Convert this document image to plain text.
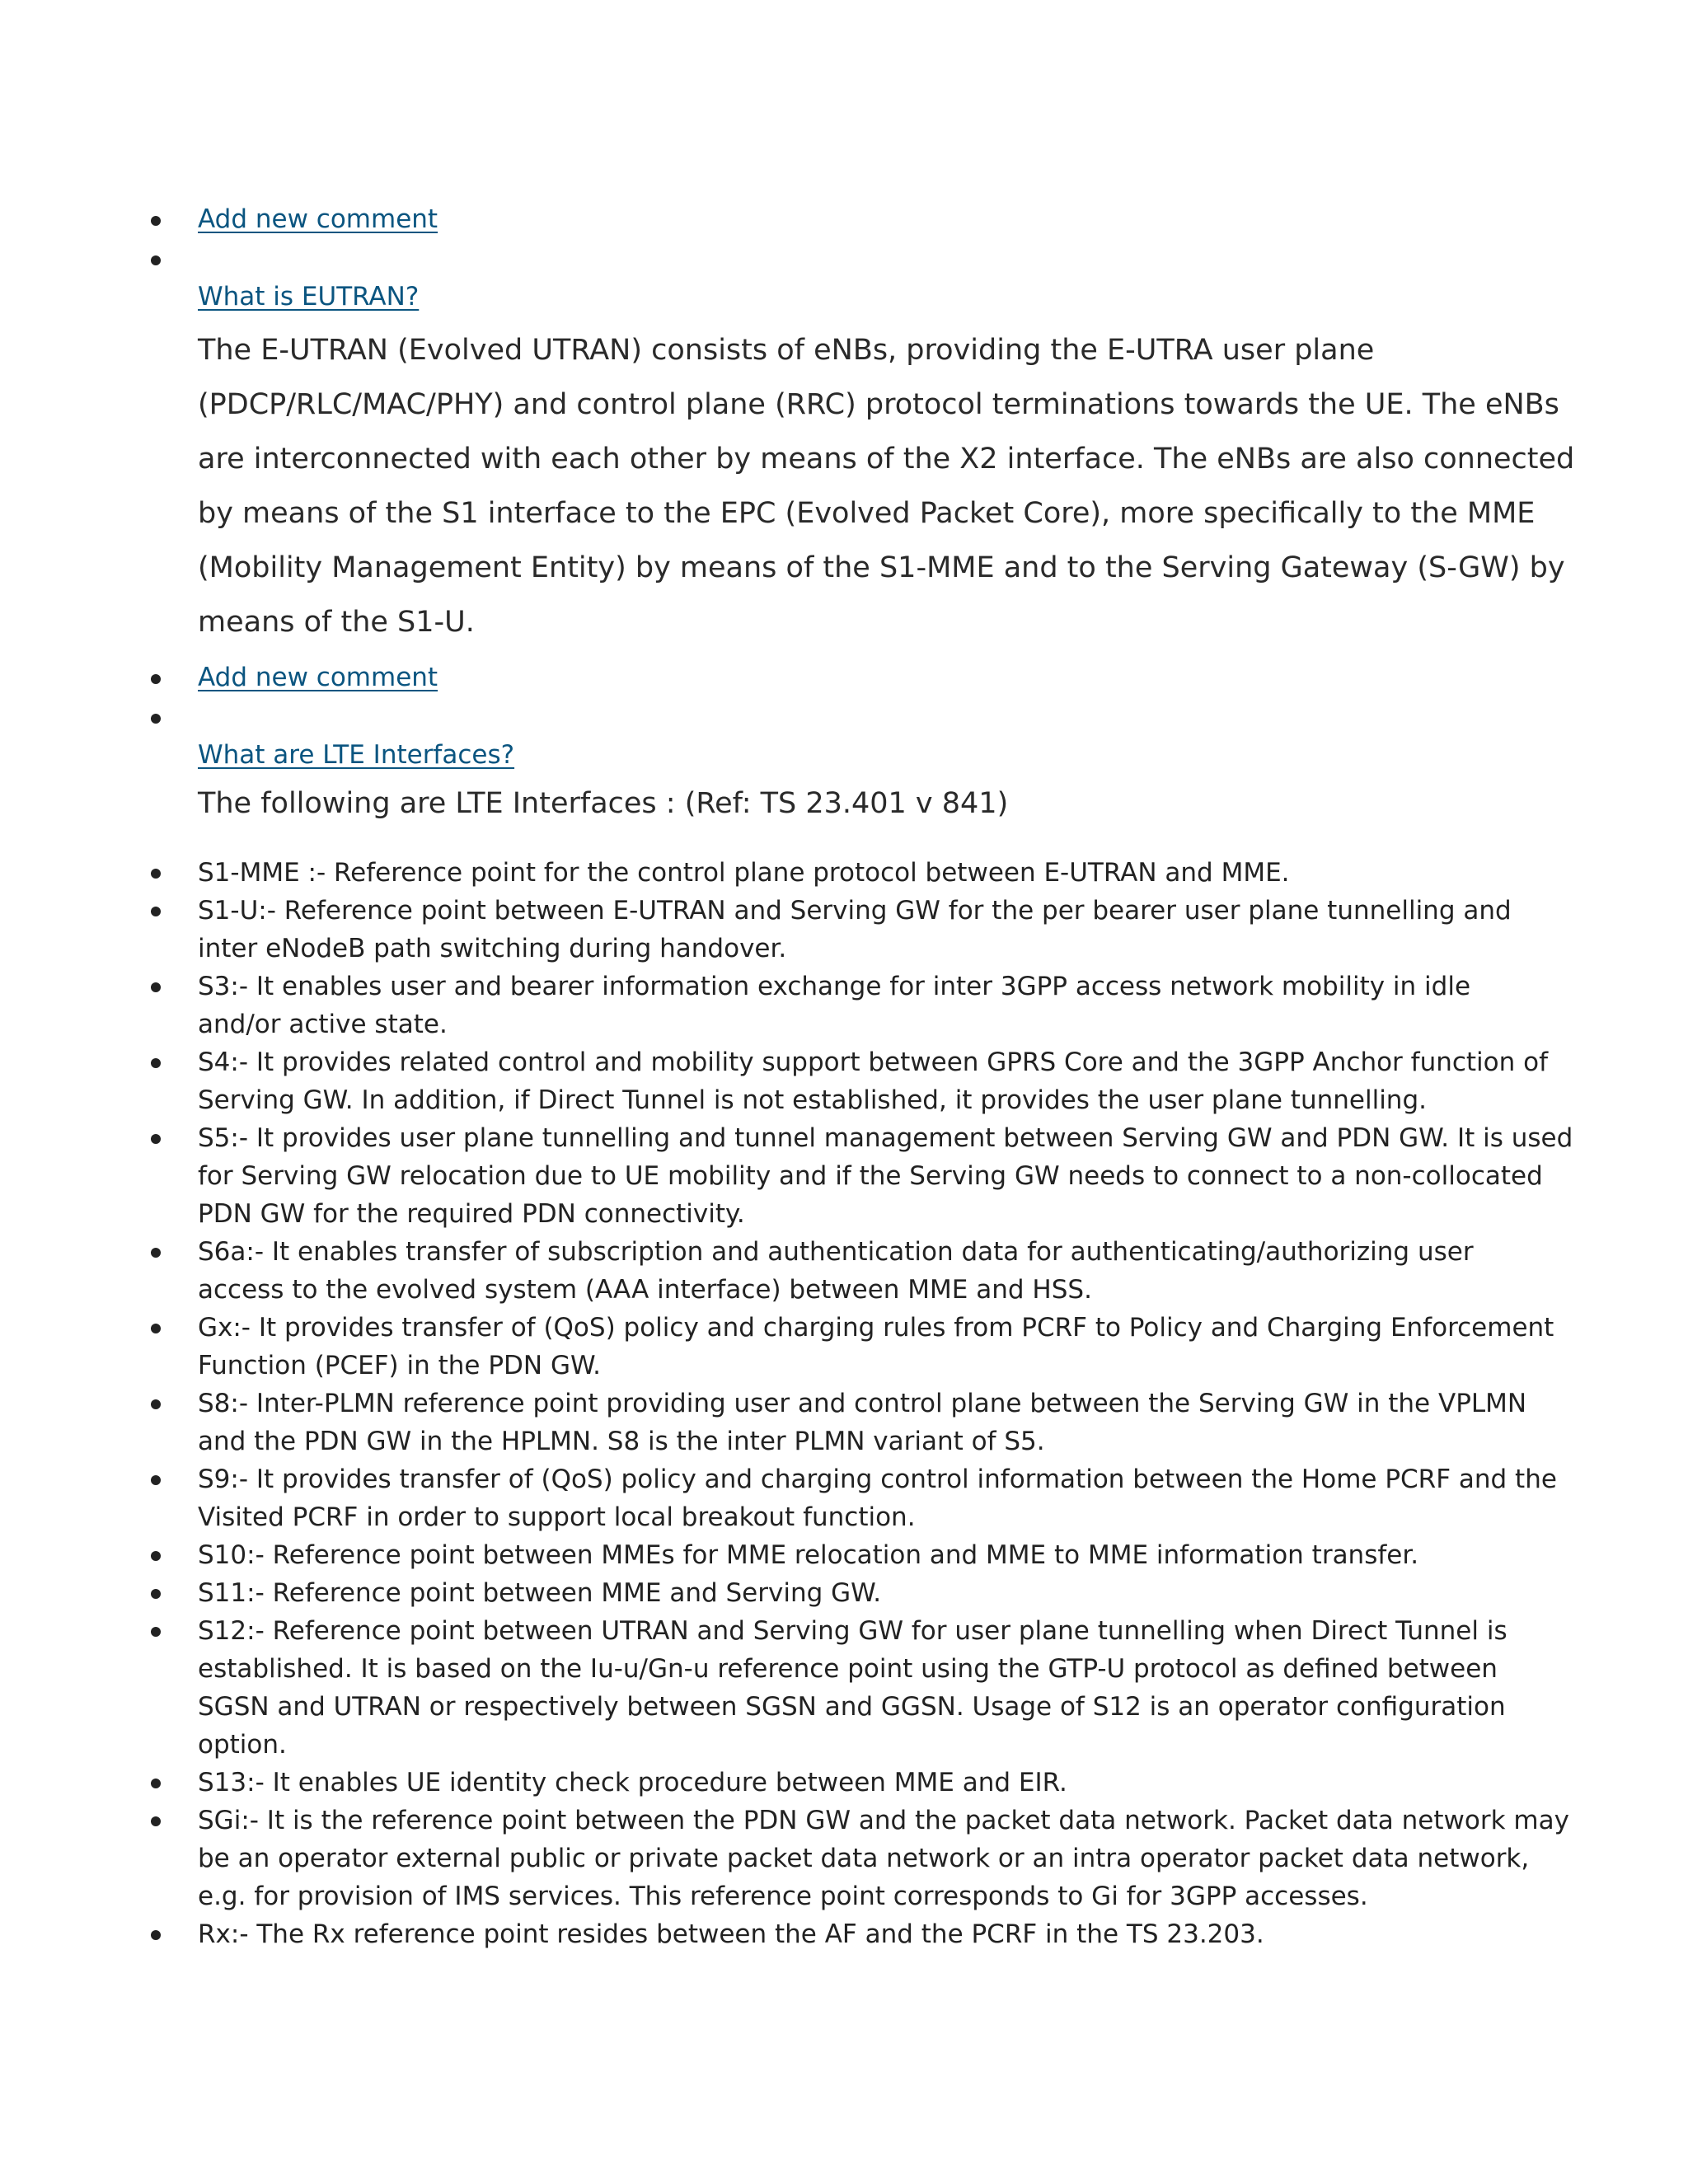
Add new comment
What is EUTRAN?
The E-UTRAN (Evolved UTRAN) consists of eNBs, providing the E-UTRA user plane
(PDCP/RLC/MAC/PHY) and control plane (RRC) protocol terminations towards the UE. The eNBs
are interconnected with each other by means of the X2 interface. The eNBs are also connected
by means of the S1 interface to the EPC (Evolved Packet Core), more specifically to the MME
(Mobility Management Entity) by means of the S1-MME and to the Serving Gateway (S-GW) by
means of the S1-U.
Add new comment
What are LTE Interfaces?
The following are LTE Interfaces : (Ref: TS 23.401 v 841)
S1-MME :- Reference point for the control plane protocol between E-UTRAN and MME.
S1-U:- Reference point between E-UTRAN and Serving GW for the per bearer user plane tunnelling and
inter eNodeB path switching during handover.
S3:- It enables user and bearer information exchange for inter 3GPP access network mobility in idle
and/or active state.
S4:- It provides related control and mobility support between GPRS Core and the 3GPP Anchor function of
Serving GW. In addition, if Direct Tunnel is not established, it provides the user plane tunnelling.
S5:- It provides user plane tunnelling and tunnel management between Serving GW and PDN GW. It is used
for Serving GW relocation due to UE mobility and if the Serving GW needs to connect to a non-collocated
PDN GW for the required PDN connectivity.
S6a:- It enables transfer of subscription and authentication data for authenticating/authorizing user
access to the evolved system (AAA interface) between MME and HSS.
Gx:- It provides transfer of (QoS) policy and charging rules from PCRF to Policy and Charging Enforcement
Function (PCEF) in the PDN GW.
S8:- Inter-PLMN reference point providing user and control plane between the Serving GW in the VPLMN
and the PDN GW in the HPLMN. S8 is the inter PLMN variant of S5.
S9:- It provides transfer of (QoS) policy and charging control information between the Home PCRF and the
Visited PCRF in order to support local breakout function.
S10:- Reference point between MMEs for MME relocation and MME to MME information transfer.
S11:- Reference point between MME and Serving GW.
S12:- Reference point between UTRAN and Serving GW for user plane tunnelling when Direct Tunnel is
established. It is based on the Iu-u/Gn-u reference point using the GTP-U protocol as defined between
SGSN and UTRAN or respectively between SGSN and GGSN. Usage of S12 is an operator configuration
option.
S13:- It enables UE identity check procedure between MME and EIR.
SGi:- It is the reference point between the PDN GW and the packet data network. Packet data network may
be an operator external public or private packet data network or an intra operator packet data network,
e.g. for provision of IMS services. This reference point corresponds to Gi for 3GPP accesses.
Rx:- The Rx reference point resides between the AF and the PCRF in the TS 23.203.
